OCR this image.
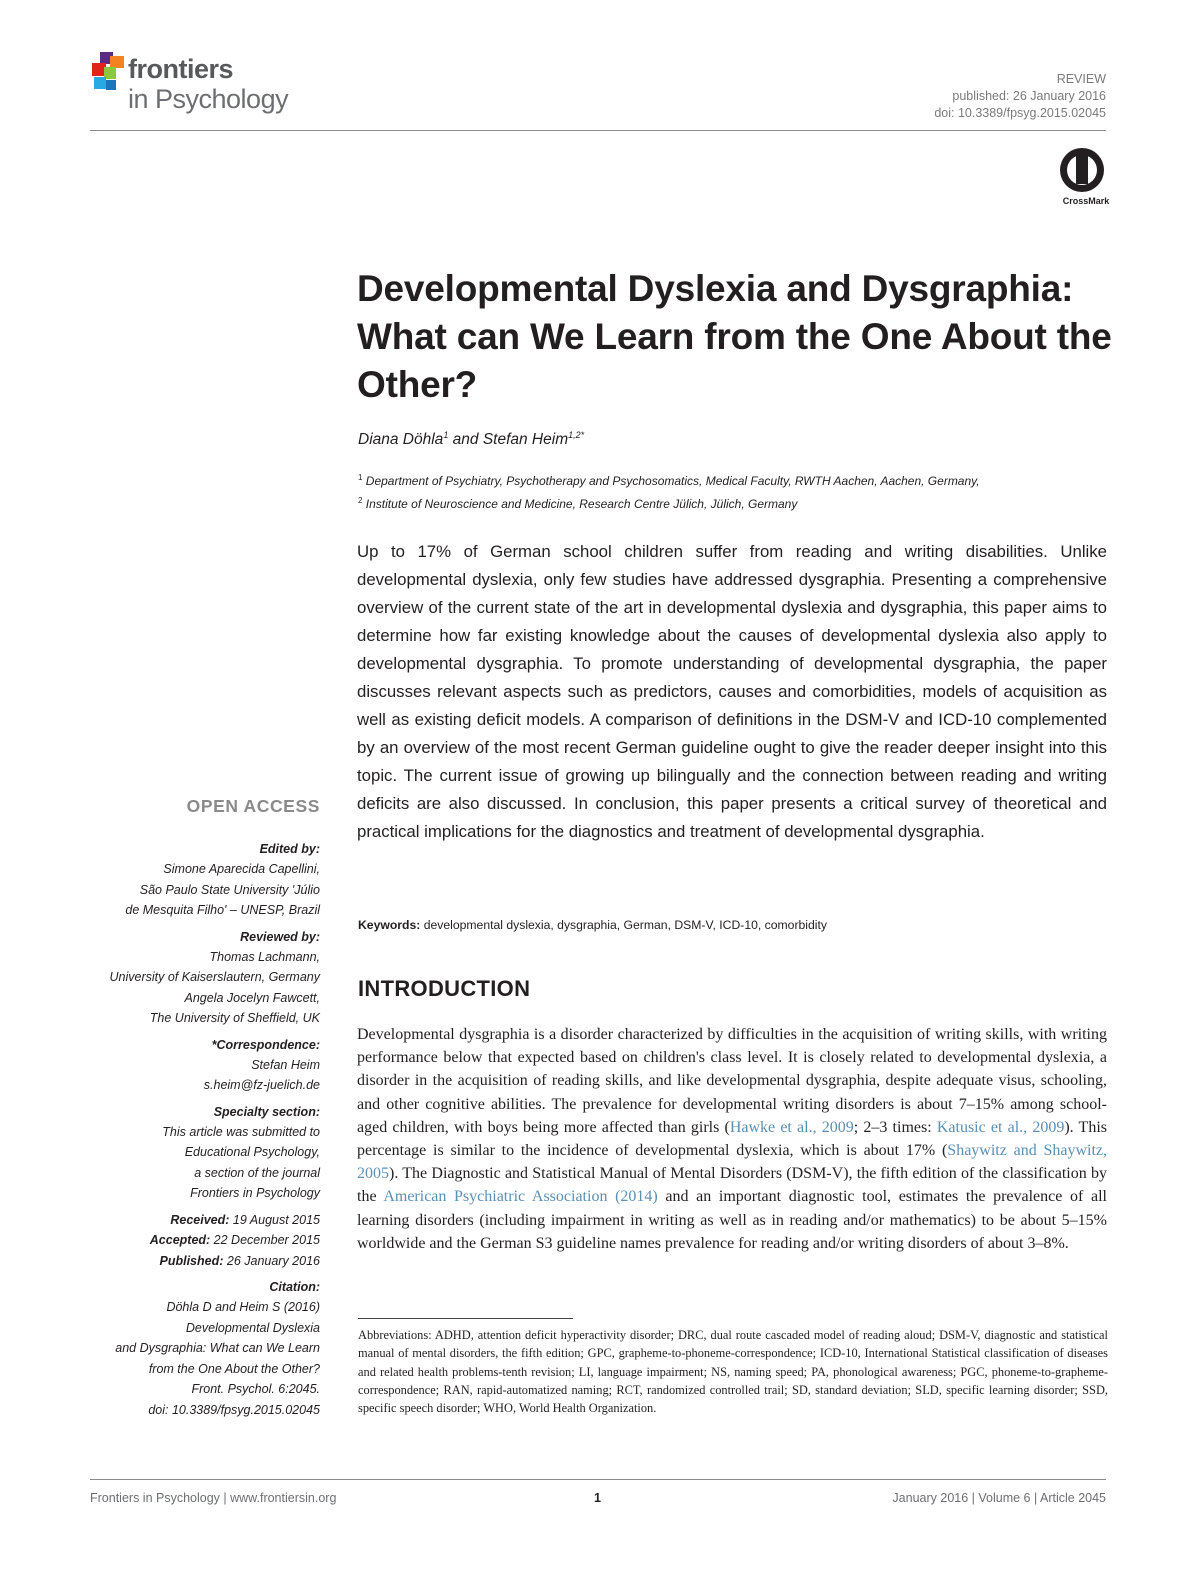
frontiers
in Psychology
REVIEW
published: 26 January 2016
doi: 10.3389/fpsyg.2015.02045
CrossMark
Developmental Dyslexia and Dysgraphia: What can We Learn from the One About the Other?
Diana Döhla$^1$ and Stefan Heim$^{1,2*}$
$^1$ Department of Psychiatry, Psychotherapy and Psychosomatics, Medical Faculty, RWTH Aachen, Aachen, Germany,
$^2$ Institute of Neuroscience and Medicine, Research Centre Jülich, Jülich, Germany
Up to 17% of German school children suffer from reading and writing disabilities. Unlike developmental dyslexia, only few studies have addressed dysgraphia. Presenting a comprehensive overview of the current state of the art in developmental dyslexia and dysgraphia, this paper aims to determine how far existing knowledge about the causes of developmental dyslexia also apply to developmental dysgraphia. To promote understanding of developmental dysgraphia, the paper discusses relevant aspects such as predictors, causes and comorbidities, models of acquisition as well as existing deficit models. A comparison of definitions in the DSM-V and ICD-10 complemented by an overview of the most recent German guideline ought to give the reader deeper insight into this topic. The current issue of growing up bilingually and the connection between reading and writing deficits are also discussed. In conclusion, this paper presents a critical survey of theoretical and practical implications for the diagnostics and treatment of developmental dysgraphia.
Keywords: developmental dyslexia, dysgraphia, German, DSM-V, ICD-10, comorbidity
INTRODUCTION
Developmental dysgraphia is a disorder characterized by difficulties in the acquisition of writing skills, with writing performance below that expected based on children's class level. It is closely related to developmental dyslexia, a disorder in the acquisition of reading skills, and like developmental dysgraphia, despite adequate visus, schooling, and other cognitive abilities. The prevalence for developmental writing disorders is about 7–15% among school-aged children, with boys being more affected than girls (Hawke et al., 2009; 2–3 times: Katusic et al., 2009). This percentage is similar to the incidence of developmental dyslexia, which is about 17% (Shaywitz and Shaywitz, 2005). The Diagnostic and Statistical Manual of Mental Disorders (DSM-V), the fifth edition of the classification by the American Psychiatric Association (2014) and an important diagnostic tool, estimates the prevalence of all learning disorders (including impairment in writing as well as in reading and/or mathematics) to be about 5–15% worldwide and the German S3 guideline names prevalence for reading and/or writing disorders of about 3–8%.
Abbreviations: ADHD, attention deficit hyperactivity disorder; DRC, dual route cascaded model of reading aloud; DSM-V, diagnostic and statistical manual of mental disorders, the fifth edition; GPC, grapheme-to-phoneme-correspondence; ICD-10, International Statistical classification of diseases and related health problems-tenth revision; LI, language impairment; NS, naming speed; PA, phonological awareness; PGC, phoneme-to-grapheme-correspondence; RAN, rapid-automatized naming; RCT, randomized controlled trail; SD, standard deviation; SLD, specific learning disorder; SSD, specific speech disorder; WHO, World Health Organization.
OPEN ACCESS
Edited by:
Simone Aparecida Capellini,
São Paulo State University 'Júlio
de Mesquita Filho' – UNESP, Brazil
Reviewed by:
Thomas Lachmann,
University of Kaiserslautern, Germany
Angela Jocelyn Fawcett,
The University of Sheffield, UK
*Correspondence:
Stefan Heim
s.heim@fz-juelich.de
Specialty section:
This article was submitted to
Educational Psychology,
a section of the journal
Frontiers in Psychology
Received: 19 August 2015
Accepted: 22 December 2015
Published: 26 January 2016
Citation:
Döhla D and Heim S (2016)
Developmental Dyslexia
and Dysgraphia: What can We Learn
from the One About the Other?
Front. Psychol. 6:2045.
doi: 10.3389/fpsyg.2015.02045
Frontiers in Psychology | www.frontiersin.org	1	January 2016 | Volume 6 | Article 2045
